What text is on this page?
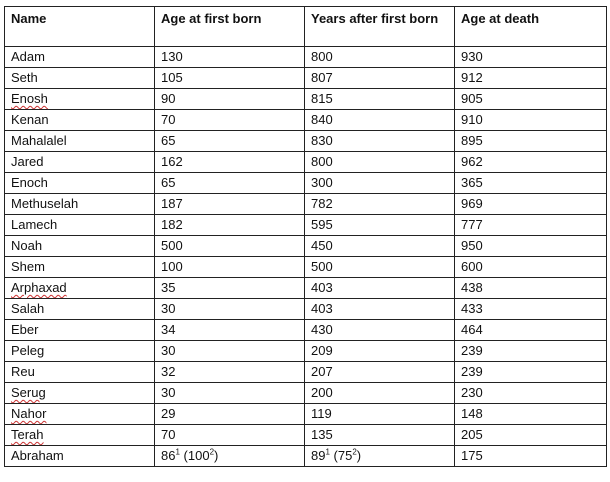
Name	Age at first born	Years after first born	Age at death
Adam	130	800	930
Seth	105	807	912
Enosh	90	815	905
Kenan	70	840	910
Mahalalel	65	830	895
Jared	162	800	962
Enoch	65	300	365
Methuselah	187	782	969
Lamech	182	595	777
Noah	500	450	950
Shem	100	500	600
Arphaxad	35	403	438
Salah	30	403	433
Eber	34	430	464
Peleg	30	209	239
Reu	32	207	239
Serug	30	200	230
Nahor	29	119	148
Terah	70	135	205
Abraham	$86^1$ $(100^2)$	$89^1$ $(75^2)$	175
